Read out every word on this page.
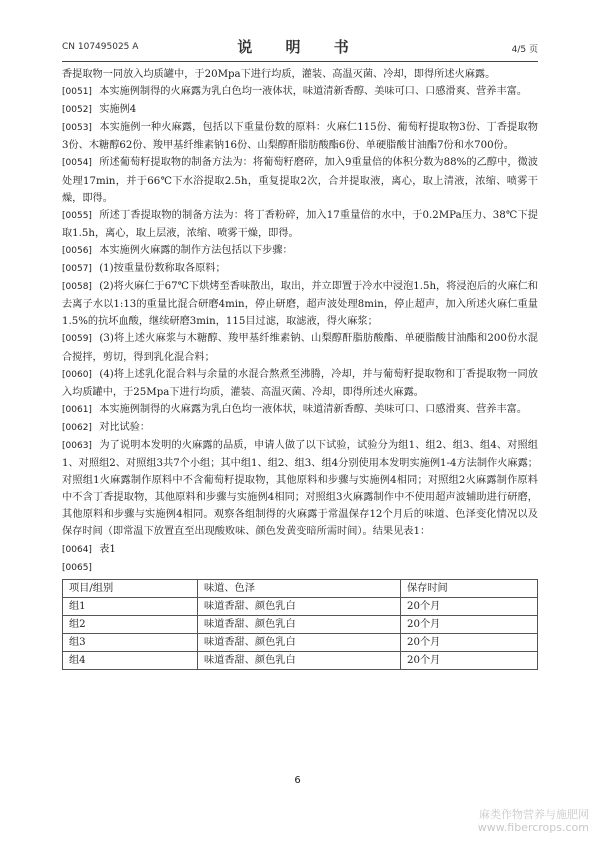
CN 107495025 A	说 明 书	4/5 页

香提取物一同放入均质罐中，于20Mpa下进行均质，灌装、高温灭菌、冷却，即得所述火麻露。

[0051] 本实施例制得的火麻露为乳白色均一液体状，味道清新香醇、美味可口、口感滑爽、营养丰富。

[0052] 实施例4

[0053] 本实施例一种火麻露，包括以下重量份数的原料：火麻仁115份、葡萄籽提取物3份、丁香提取物3份、木糖醇62份、羧甲基纤维素钠16份、山梨醇酐脂肪酸酯6份、单硬脂酸甘油酯7份和水700份。

[0054] 所述葡萄籽提取物的制备方法为：将葡萄籽磨碎，加入9重量倍的体积分数为88%的乙醇中，微波处理17min，并于66℃下水浴提取2.5h，重复提取2次，合并提取液，离心，取上清液，浓缩、喷雾干燥，即得。

[0055] 所述丁香提取物的制备方法为：将丁香粉碎，加入17重量倍的水中，于0.2MPa压力、38℃下提取1.5h，离心，取上层液，浓缩、喷雾干燥，即得。

[0056] 本实施例火麻露的制作方法包括以下步骤：

[0057] (1)按重量份数称取各原料；

[0058] (2)将火麻仁于67℃下烘烤至香味散出，取出，并立即置于冷水中浸泡1.5h，将浸泡后的火麻仁和去离子水以1:13的重量比混合研磨4min，停止研磨，超声波处理8min，停止超声，加入所述火麻仁重量1.5%的抗坏血酸，继续研磨3min，115目过滤，取滤液，得火麻浆；

[0059] (3)将上述火麻浆与木糖醇、羧甲基纤维素钠、山梨醇酐脂肪酸酯、单硬脂酸甘油酯和200份水混合搅拌，剪切，得到乳化混合料；

[0060] (4)将上述乳化混合料与余量的水混合熬煮至沸腾，冷却，并与葡萄籽提取物和丁香提取物一同放入均质罐中，于25Mpa下进行均质，灌装、高温灭菌、冷却，即得所述火麻露。

[0061] 本实施例制得的火麻露为乳白色均一液体状，味道清新香醇、美味可口、口感滑爽、营养丰富。

[0062] 对比试验：

[0063] 为了说明本发明的火麻露的品质，申请人做了以下试验，试验分为组1、组2、组3、组4、对照组1、对照组2、对照组3共7个小组；其中组1、组2、组3、组4分别使用本发明实施例1-4方法制作火麻露；对照组1火麻露制作原料中不含葡萄籽提取物，其他原料和步骤与实施例4相同；对照组2火麻露制作原料中不含丁香提取物，其他原料和步骤与实施例4相同；对照组3火麻露制作中不使用超声波辅助进行研磨，其他原料和步骤与实施例4相同。观察各组制得的火麻露于常温保存12个月后的味道、色泽变化情况以及保存时间（即常温下放置直至出现酸败味、颜色发黄变暗所需时间）。结果见表1：

[0064] 表1

[0065]

项目/组别	味道、色泽	保存时间
组1	味道香甜、颜色乳白	20个月
组2	味道香甜、颜色乳白	20个月
组3	味道香甜、颜色乳白	20个月
组4	味道香甜、颜色乳白	20个月
6
麻类作物营养与施肥网
www.fibercrops.com
